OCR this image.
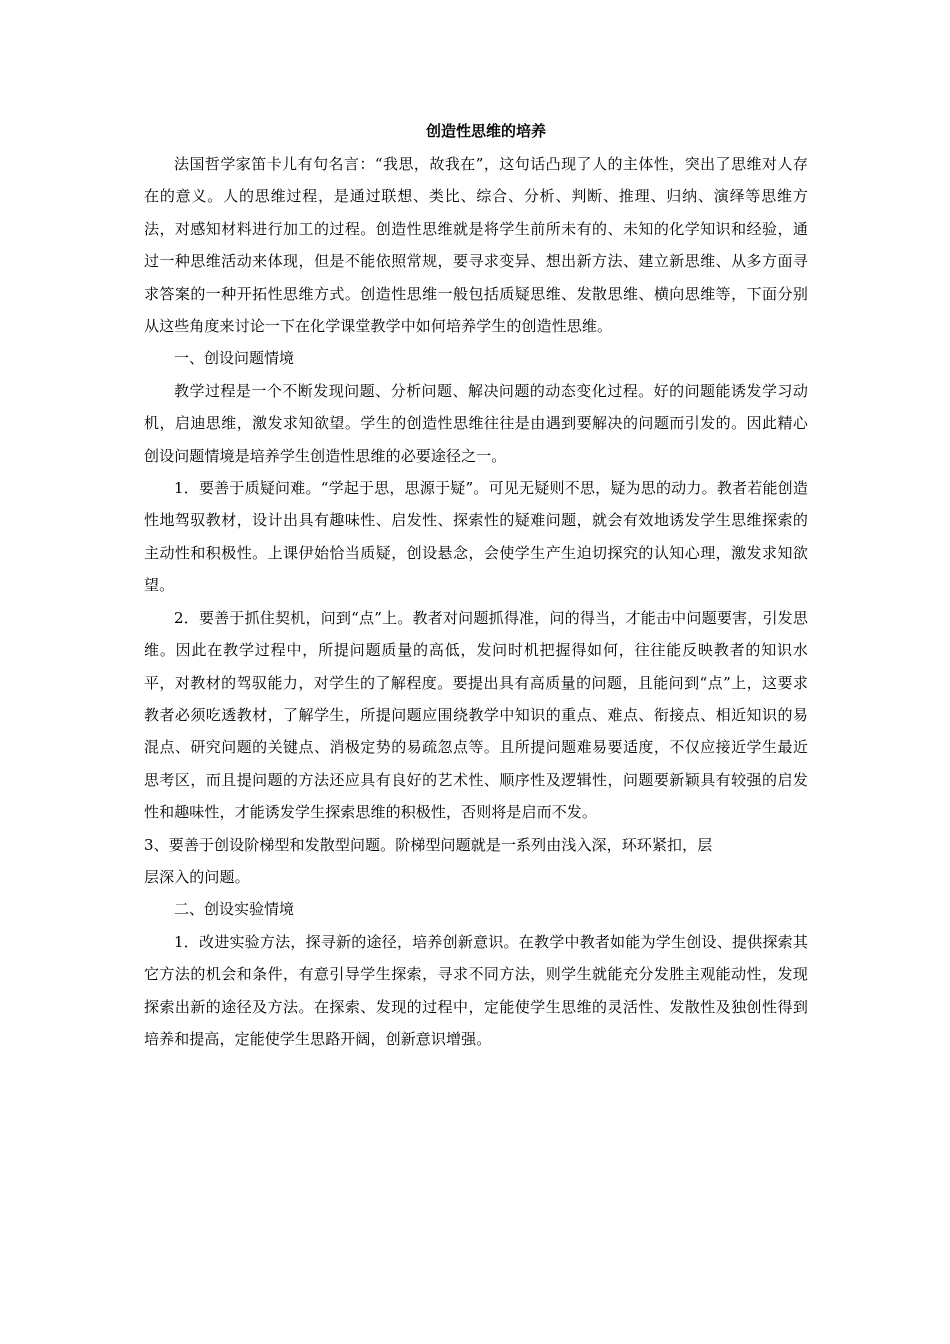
创造性思维的培养

法国哲学家笛卡儿有句名言：“我思，故我在”，这句话凸现了人的主体性，突出了思维对人存在的意义。人的思维过程，是通过联想、类比、综合、分析、判断、推理、归纳、演绎等思维方法，对感知材料进行加工的过程。创造性思维就是将学生前所未有的、未知的化学知识和经验，通过一种思维活动来体现，但是不能依照常规，要寻求变异、想出新方法、建立新思维、从多方面寻求答案的一种开拓性思维方式。创造性思维一般包括质疑思维、发散思维、横向思维等，下面分别从这些角度来讨论一下在化学课堂教学中如何培养学生的创造性思维。

一、创设问题情境

教学过程是一个不断发现问题、分析问题、解决问题的动态变化过程。好的问题能诱发学习动机，启迪思维，激发求知欲望。学生的创造性思维往往是由遇到要解决的问题而引发的。因此精心创设问题情境是培养学生创造性思维的必要途径之一。

1．要善于质疑问难。“学起于思，思源于疑”。可见无疑则不思，疑为思的动力。教者若能创造性地驾驭教材，设计出具有趣味性、启发性、探索性的疑难问题，就会有效地诱发学生思维探索的主动性和积极性。上课伊始恰当质疑，创设悬念，会使学生产生迫切探究的认知心理，激发求知欲望。

2．要善于抓住契机，问到“点”上。教者对问题抓得准，问的得当，才能击中问题要害，引发思维。因此在教学过程中，所提问题质量的高低，发问时机把握得如何，往往能反映教者的知识水平，对教材的驾驭能力，对学生的了解程度。要提出具有高质量的问题，且能问到“点”上，这要求教者必须吃透教材，了解学生，所提问题应围绕教学中知识的重点、难点、衔接点、相近知识的易混点、研究问题的关键点、消极定势的易疏忽点等。且所提问题难易要适度，不仅应接近学生最近思考区，而且提问题的方法还应具有良好的艺术性、顺序性及逻辑性，问题要新颖具有较强的启发性和趣味性，才能诱发学生探索思维的积极性，否则将是启而不发。

3、要善于创设阶梯型和发散型问题。阶梯型问题就是一系列由浅入深，环环紧扣，层

层深入的问题。

二、创设实验情境

1．改进实验方法，探寻新的途径，培养创新意识。在教学中教者如能为学生创设、提供探索其它方法的机会和条件，有意引导学生探索，寻求不同方法，则学生就能充分发胜主观能动性，发现探索出新的途径及方法。在探索、发现的过程中，定能使学生思维的灵活性、发散性及独创性得到培养和提高，定能使学生思路开阔，创新意识增强。
